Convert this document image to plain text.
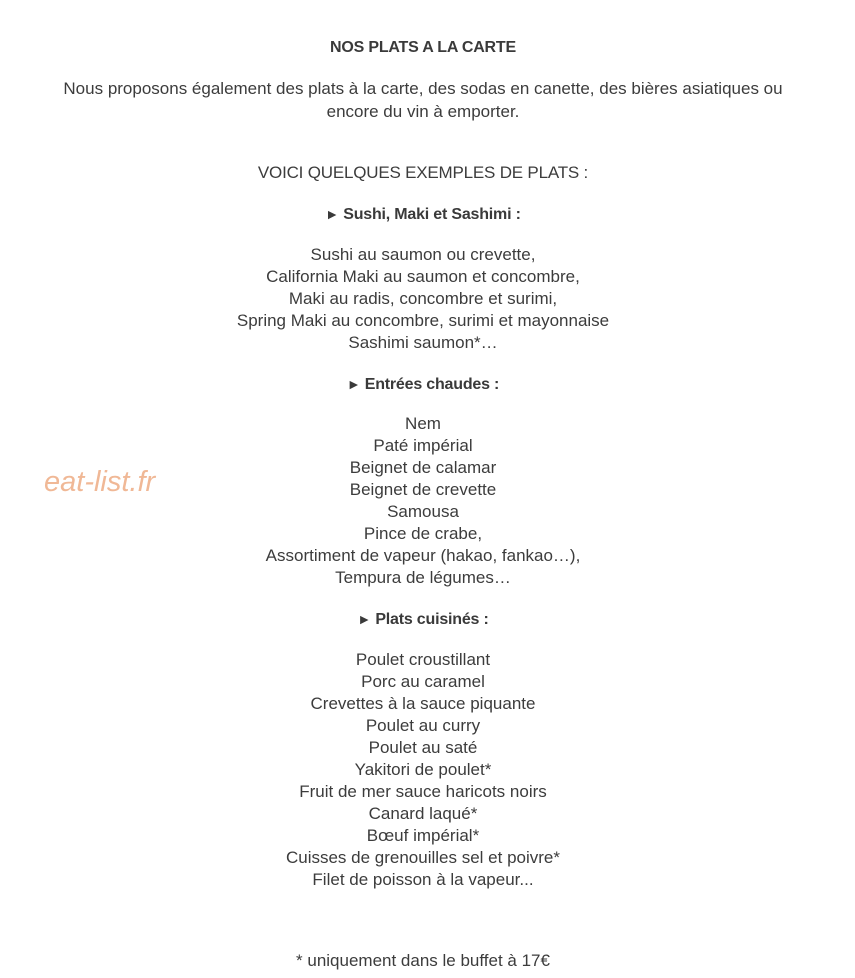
NOS PLATS A LA CARTE
Nous proposons également des plats à la carte, des sodas en canette, des bières asiatiques ou encore du vin à emporter.
VOICI QUELQUES EXEMPLES DE PLATS :
► Sushi, Maki et Sashimi :
Sushi au saumon ou crevette,
California Maki au saumon et concombre,
Maki au radis, concombre et surimi,
Spring Maki au concombre, surimi et mayonnaise
Sashimi saumon*…
► Entrées chaudes :
Nem
Paté impérial
Beignet de calamar
Beignet de crevette
Samousa
Pince de crabe,
Assortiment de vapeur (hakao, fankao…),
Tempura de légumes…
► Plats cuisinés :
Poulet croustillant
Porc au caramel
Crevettes à la sauce piquante
Poulet au curry
Poulet au saté
Yakitori de poulet*
Fruit de mer sauce haricots noirs
Canard laqué*
Bœuf impérial*
Cuisses de grenouilles sel et poivre*
Filet de poisson à la vapeur...
* uniquement dans le buffet à 17€
eat-list.fr
